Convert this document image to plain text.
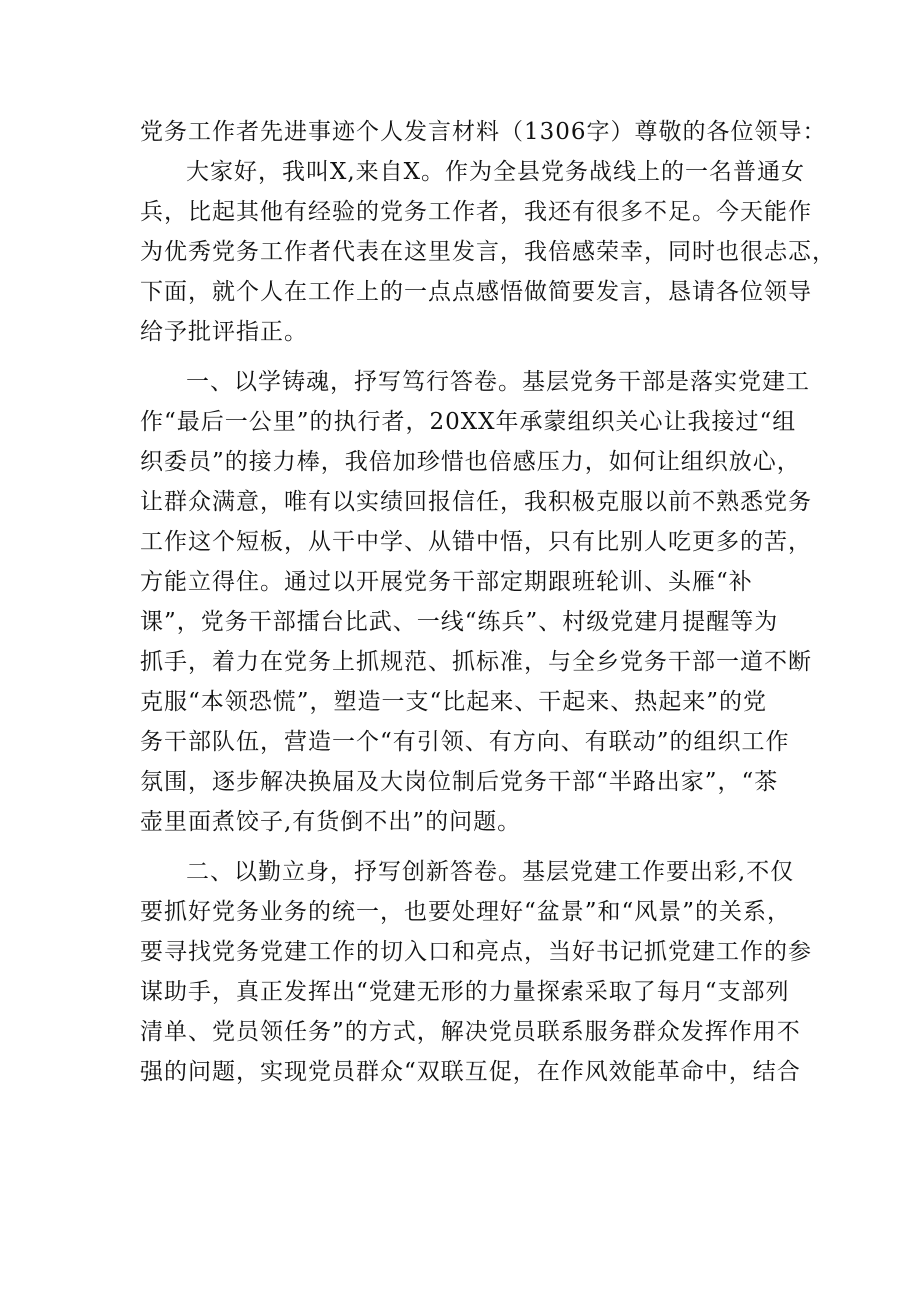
党务工作者先进事迹个人发言材料（1306字）尊敬的各位领导：
大家好，我叫X,来自X。作为全县党务战线上的一名普通女
兵，比起其他有经验的党务工作者，我还有很多不足。今天能作
为优秀党务工作者代表在这里发言，我倍感荣幸，同时也很忐忑，
下面，就个人在工作上的一点点感悟做简要发言，恳请各位领导
给予批评指正。
一、以学铸魂，抒写笃行答卷。基层党务干部是落实党建工
作“最后一公里”的执行者，20XX年承蒙组织关心让我接过“组
织委员”的接力棒，我倍加珍惜也倍感压力，如何让组织放心，
让群众满意，唯有以实绩回报信任，我积极克服以前不熟悉党务
工作这个短板，从干中学、从错中悟，只有比别人吃更多的苦，
方能立得住。通过以开展党务干部定期跟班轮训、头雁“补
课”，党务干部擂台比武、一线“练兵”、村级党建月提醒等为
抓手，着力在党务上抓规范、抓标准，与全乡党务干部一道不断
克服“本领恐慌”，塑造一支“比起来、干起来、热起来”的党
务干部队伍，营造一个“有引领、有方向、有联动”的组织工作
氛围，逐步解决换届及大岗位制后党务干部“半路出家”，“茶
壶里面煮饺子,有货倒不出”的问题。
二、以勤立身，抒写创新答卷。基层党建工作要出彩,不仅
要抓好党务业务的统一，也要处理好“盆景”和“风景”的关系，
要寻找党务党建工作的切入口和亮点，当好书记抓党建工作的参
谋助手，真正发挥出“党建无形的力量探索采取了每月“支部列
清单、党员领任务”的方式，解决党员联系服务群众发挥作用不
强的问题，实现党员群众“双联互促，在作风效能革命中，结合
